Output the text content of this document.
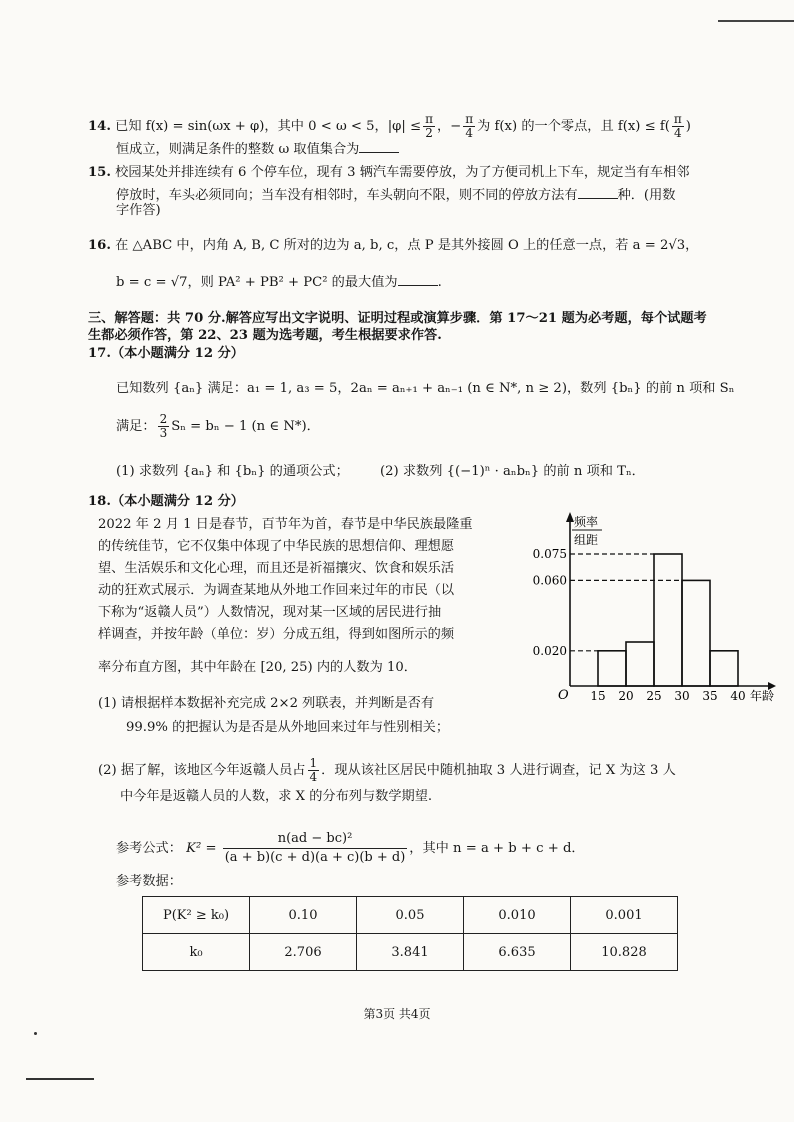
14. 已知 f(x) = sin(ωx + φ)，其中 0 < ω < 5，$|\varphi| \le \frac{\pi}{2}$ ，− $\frac{\pi}{4}$ 为 f(x) 的一个零点，且 $f(x) \le f( \frac{\pi}{4}$ )
恒成立，则满足条件的整数 ω 取值集合为
15. 校园某处并排连续有 6 个停车位，现有 3 辆汽车需要停放，为了方便司机上下车，规定当有车相邻
停放时，车头必须同向；当车没有相邻时，车头朝向不限，则不同的停放方法有	种．(用数
字作答)
16. 在 △ABC 中，内角 A, B, C 所对的边为 a, b, c，点 P 是其外接圆 O 上的任意一点，若 a = 2√3，
b = c = √7，则 PA² + PB² + PC² 的最大值为	.
三、解答题：共 70 分.解答应写出文字说明、证明过程或演算步骤．第 17～21 题为必考题，每个试题考
生都必须作答，第 22、23 题为选考题，考生根据要求作答.
17.（本小题满分 12 分）
已知数列 {aₙ} 满足：a₁ = 1, a₃ = 5，2aₙ = aₙ₊₁ + aₙ₋₁ (n ∈ N*, n ≥ 2)，数列 {bₙ} 的前 n 项和 Sₙ
满足： $\frac{2}{3}$ Sₙ = bₙ − 1 (n ∈ N*)．
(1) 求数列 {aₙ} 和 {bₙ} 的通项公式； (2) 求数列 {(−1)ⁿ · aₙbₙ} 的前 n 项和 Tₙ．
18.（本小题满分 12 分）
2022 年 2 月 1 日是春节，百节年为首，春节是中华民族最隆重
的传统佳节，它不仅集中体现了中华民族的思想信仰、理想愿
望、生活娱乐和文化心理，而且还是祈福攘灾、饮食和娱乐活
动的狂欢式展示．为调查某地从外地工作回来过年的市民（以
下称为“返赣人员”）人数情况，现对某一区域的居民进行抽
样调查，并按年龄（单位：岁）分成五组，得到如图所示的频
率分布直方图，其中年龄在 [20, 25) 内的人数为 10．
O
频率
组距
0.075
0.060
0.020
15 20 25 30 35 40 年龄
(1) 请根据样本数据补充完成 2×2 列联表，并判断是否有
99.9% 的把握认为是否是从外地回来过年与性别相关；
(2) 据了解，该地区今年返赣人员占 $\frac{1}{4}$ ．现从该社区居民中随机抽取 3 人进行调查，记 X 为这 3 人
中今年是返赣人员的人数，求 X 的分布列与数学期望.
参考公式： $K^2 = \frac{\text{n(ad − bc)²}}{(a + b)(c + d)(a + c)(b + d)}$ ，其中 n = a + b + c + d．
参考数据：
P(K² ≥ k₀)	0.10	0.05	0.010	0.001
k₀	2.706	3.841	6.635	10.828
第3页 共4页
